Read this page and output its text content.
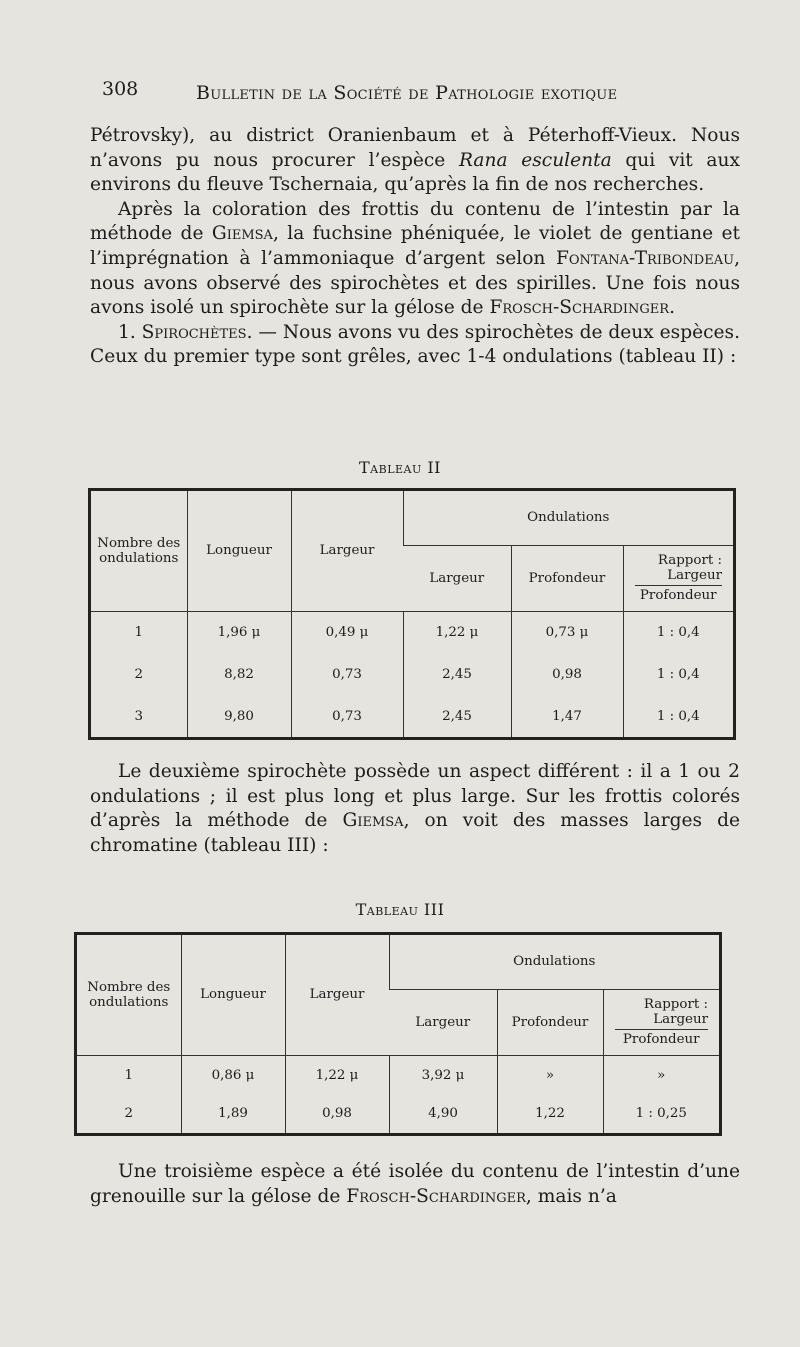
308	Bulletin de la Société de Pathologie exotique

Pétrovsky), au district Oranienbaum et à Péterhoff-Vieux. Nous n’avons pu nous procurer l’espèce Rana esculenta qui vit aux environs du fleuve Tschernaia, qu’après la fin de nos recherches.

Après la coloration des frottis du contenu de l’intestin par la méthode de Giemsa, la fuchsine phéniquée, le violet de gentiane et l’imprégnation à l’ammoniaque d’argent selon Fontana-Tribondeau, nous avons observé des spirochètes et des spirilles. Une fois nous avons isolé un spirochète sur la gélose de Frosch-Schardinger.

1. Spirochètes. — Nous avons vu des spirochètes de deux espèces. Ceux du premier type sont grêles, avec 1-4 ondulations (tableau II) :

Tableau II
Nombre des ondulations	Longueur	Largeur	Ondulations		
			Largeur	Profondeur	Rapport : Largeur
Profondeur

1	1,96 μ	0,49 μ	1,22 μ	0,73 μ	1 : 0,4
2	8,82	0,73	2,45	0,98	1 : 0,4
3	9,80	0,73	2,45	1,47	1 : 0,4

Le deuxième spirochète possède un aspect différent : il a 1 ou 2 ondulations ; il est plus long et plus large. Sur les frottis colorés d’après la méthode de Giemsa, on voit des masses larges de chromatine (tableau III) :

Tableau III
Nombre des ondulations	Longueur	Largeur	Ondulations		
			Largeur	Profondeur	Rapport : Largeur
Profondeur

1	0,86 μ	1,22 μ	3,92 μ	»	»
2	1,89	0,98	4,90	1,22	1 : 0,25

Une troisième espèce a été isolée du contenu de l’intestin d’une grenouille sur la gélose de Frosch-Schardinger, mais n’a
